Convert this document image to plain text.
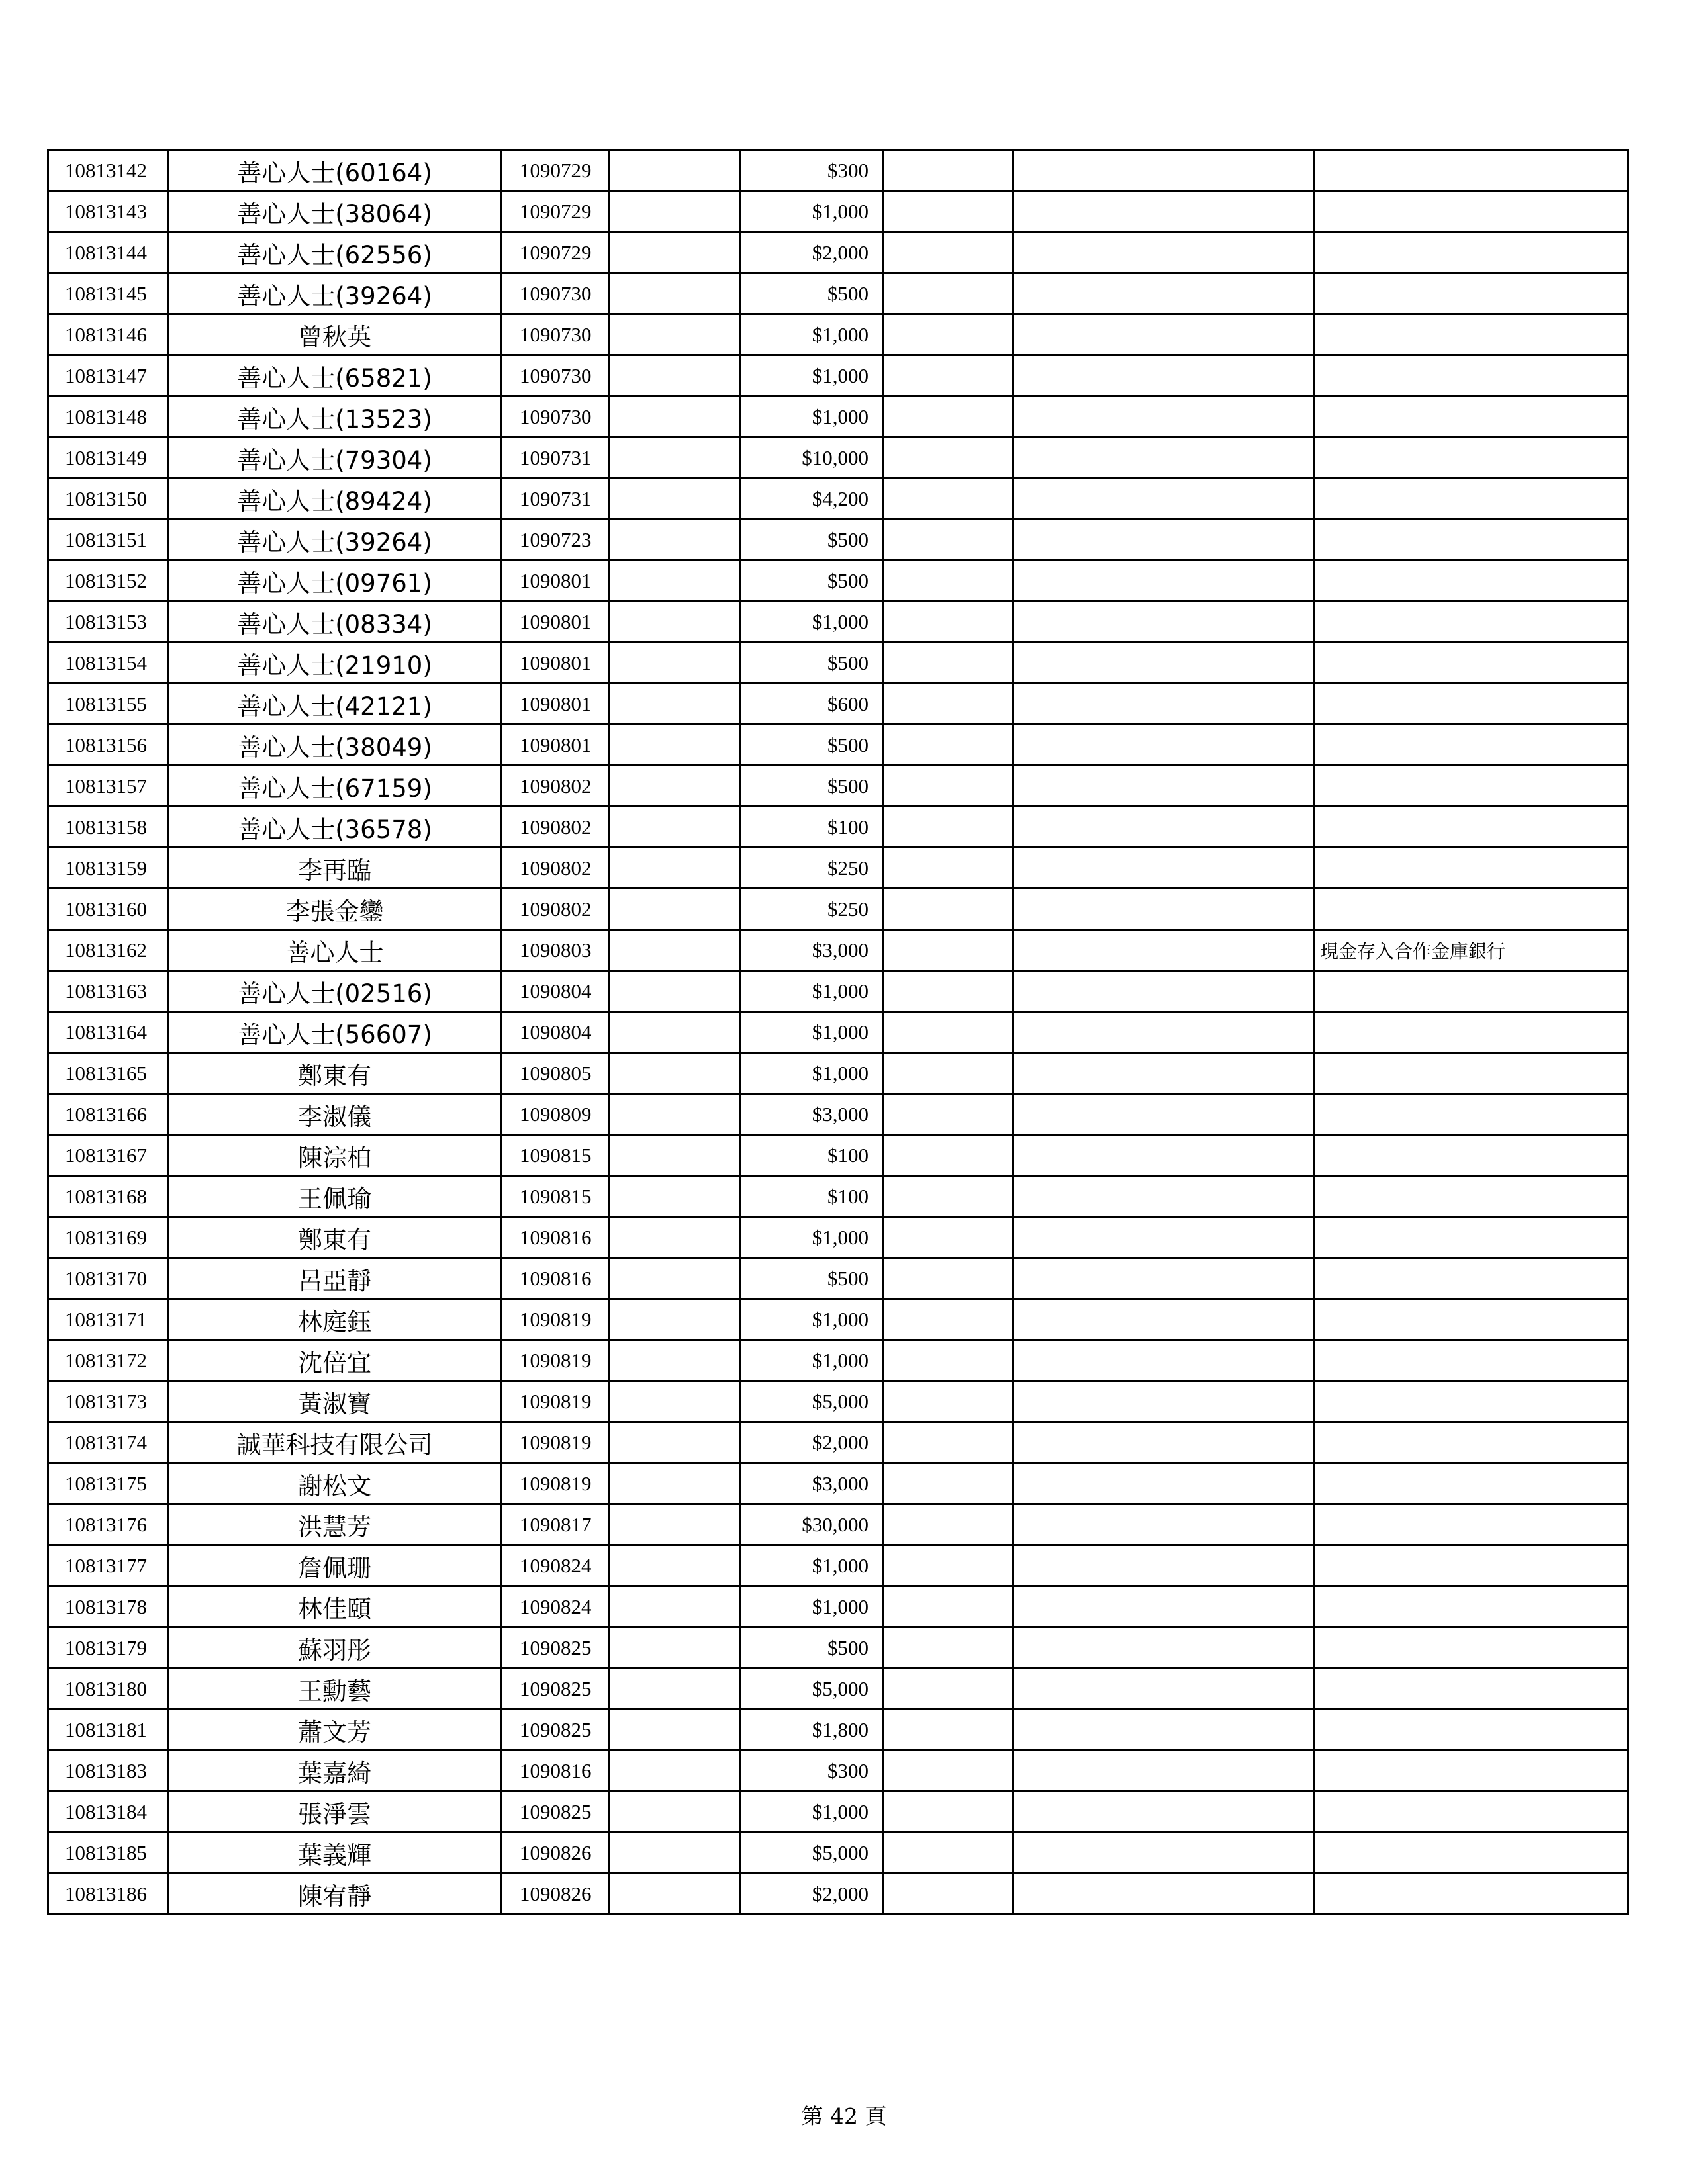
10813142	善心人士(60164)	1090729		$300			
10813143	善心人士(38064)	1090729		$1,000			
10813144	善心人士(62556)	1090729		$2,000			
10813145	善心人士(39264)	1090730		$500			
10813146	曾秋英	1090730		$1,000			
10813147	善心人士(65821)	1090730		$1,000			
10813148	善心人士(13523)	1090730		$1,000			
10813149	善心人士(79304)	1090731		$10,000			
10813150	善心人士(89424)	1090731		$4,200			
10813151	善心人士(39264)	1090723		$500			
10813152	善心人士(09761)	1090801		$500			
10813153	善心人士(08334)	1090801		$1,000			
10813154	善心人士(21910)	1090801		$500			
10813155	善心人士(42121)	1090801		$600			
10813156	善心人士(38049)	1090801		$500			
10813157	善心人士(67159)	1090802		$500			
10813158	善心人士(36578)	1090802		$100			
10813159	李再臨	1090802		$250			
10813160	李張金鑾	1090802		$250			
10813162	善心人士	1090803		$3,000			現金存入合作金庫銀行
10813163	善心人士(02516)	1090804		$1,000			
10813164	善心人士(56607)	1090804		$1,000			
10813165	鄭東有	1090805		$1,000			
10813166	李淑儀	1090809		$3,000			
10813167	陳淙柏	1090815		$100			
10813168	王佩瑜	1090815		$100			
10813169	鄭東有	1090816		$1,000			
10813170	呂亞靜	1090816		$500			
10813171	林庭鈺	1090819		$1,000			
10813172	沈倍宜	1090819		$1,000			
10813173	黃淑寶	1090819		$5,000			
10813174	誠華科技有限公司	1090819		$2,000			
10813175	謝松文	1090819		$3,000			
10813176	洪慧芳	1090817		$30,000			
10813177	詹佩珊	1090824		$1,000			
10813178	林佳頤	1090824		$1,000			
10813179	蘇羽彤	1090825		$500			
10813180	王勳藝	1090825		$5,000			
10813181	蕭文芳	1090825		$1,800			
10813183	葉嘉綺	1090816		$300			
10813184	張淨雲	1090825		$1,000			
10813185	葉義輝	1090826		$5,000			
10813186	陳宥靜	1090826		$2,000			
第 42 頁
